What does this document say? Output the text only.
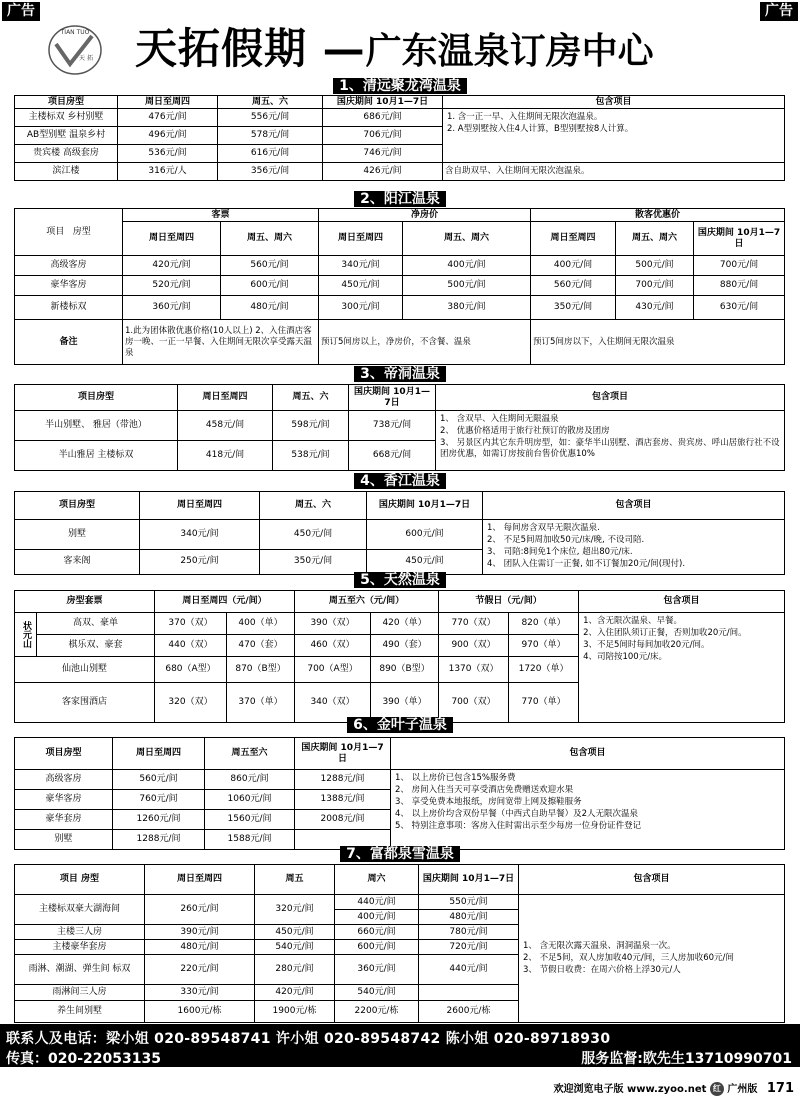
广告	广告
TIAN TUO
天 拓 天拓假期 —广东温泉订房中心
1、清远聚龙湾温泉
项目房型	周日至周四	周五、六	国庆期间 10月1—7日	包含项目
主楼标双 乡村别墅	476元/间	556元/间	686元/间	1. 含一正一早、入住期间无限次泡温泉。
2. A型别墅按入住4人计算，B型别墅按8人计算。

AB型别墅 温泉乡村	496元/间	578元/间	706元/间	
贵宾楼 高级套房	536元/间	616元/间	746元/间	
滨江楼	316元/人	356元/间	426元/间	含自助双早、入住期间无限次泡温泉。
2、阳江温泉
项目 房型	客票		净房价		散客优惠价		
	周日至周四	周五、周六	周日至周四	周五、周六	周日至周四	周五、周六	国庆期间 10月1—7日
高级客房	420元/间	560元/间	340元/间	400元/间	400元/间	500元/间	700元/间
豪华客房	520元/间	600元/间	450元/间	500元/间	560元/间	700元/间	880元/间
新楼标双	360元/间	480元/间	300元/间	380元/间	350元/间	430元/间	630元/间
备注	1.此为团体散优惠价格(10人以上) 2、入住酒店客房一晚、一正一早餐、入住期间无限次享受露天温泉		预订5间房以上，净房价，不含餐、温泉		预订5间房以下，入住期间无限次温泉		
3、帝洞温泉
项目房型	周日至周四	周五、六	国庆期间 10月1—7日	包含项目
半山别墅、 雅居（带池）	458元/间	598元/间	738元/间	1、 含双早、入住期间无限温泉
2、 优惠价格适用于旅行社预订的散房及团房
3、 另景区内其它东升明房型，如：豪华半山别墅、酒店套房、贵宾房、呼山居旅行社不设团房优惠，如需订房按前台售价优惠10%

半山雅居 主楼标双	418元/间	538元/间	668元/间	
4、香江温泉
项目房型	周日至周四	周五、六	国庆期间 10月1—7日	包含项目
别墅	340元/间	450元/间	600元/间	1、 每间房含双早无限次温泉.
2、 不足5间周加收50元/床/晚, 不设司陪.
3、 司陪:8间免1个床位, 超出80元/床.
4、 团队入住需订一正餐, 如不订餐加20元/间(现付).

客来阁	250元/间	350元/间	450元/间	
5、天然温泉
房型套票		周日至周四（元/间）		周五至六（元/间）		节假日（元/间）		包含项目
状元山	高双、豪单	370（双）	400（单）	390（双）	420（单）	770（双）	820（单）	1、含无限次温泉、早餐。
2、入住团队须订正餐，否则加收20元/间。
3、不足5间时每间加收20元/间。
4、司陪按100元/床。

	棋乐双、豪套	440（双）	470（套）	460（双）	490（套）	900（双）	970（单）	
仙池山别墅		680（A型）	870（B型）	700（A型）	890（B型）	1370（双）	1720（单）	
客家围酒店		320（双）	370（单）	340（双）	390（单）	700（双）	770（单）	
6、金叶子温泉
项目房型	周日至周四	周五至六	国庆期间 10月1—7日	包含项目
高级客房	560元/间	860元/间	1288元/间	1、 以上房价已包含15%服务费
2、 房间入住当天可享受酒店免费赠送欢迎水果
3、 享受免费本地报纸，房间宽带上网及擦鞋服务
4、 以上房价均含双份早餐（中西式自助早餐）及2人无限次温泉
5、 特别注意事项：客房入住时需出示至少每房一位身份证件登记

豪华客房	760元/间	1060元/间	1388元/间	
豪华套房	1260元/间	1560元/间	2008元/间	
别墅	1288元/间	1588元/间		
7、富都泉雪温泉
项目 房型	周日至周四	周五	周六	国庆期间 10月1—7日	包含项目
主楼标双豪大湖海间	260元/间	320元/间	440元/间	550元/间	1、 含无限次露天温泉、洞洞温泉一次。
2、 不足5间，双人房加收40元/间，三人房加收60元/间
3、 节假日收费：在周六价格上浮30元/人

			400元/间	480元/间	
主楼三人房	390元/间	450元/间	660元/间	780元/间	
主楼豪华套房	480元/间	540元/间	600元/间	720元/间	
雨淋、潮湖、弹生间 标双	220元/间	280元/间	360元/间	440元/间	
雨淋间三人房	330元/间	420元/间	540元/间		
养生间别墅	1600元/栋	1900元/栋	2200元/栋	2600元/栋	
联系人及电话：梁小姐 020-89548741 许小姐 020-89548742 陈小姐 020-89718930
传真：020-22053135	服务监督:欧先生13710990701
欢迎浏览电子版 www.zyoo.net 红 广州版 171
